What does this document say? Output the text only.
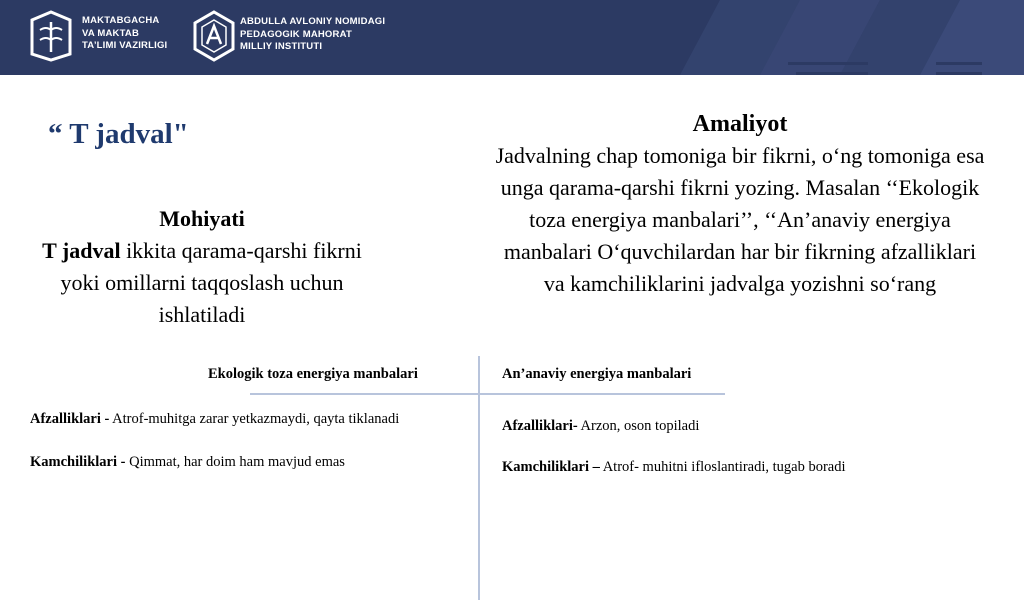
MAKTABGACHA
VA MAKTAB
TA’LIMI VAZIRLIGI
ABDULLA AVLONIY NOMIDAGI
PEDAGOGIK MAHORAT
MILLIY INSTITUTI
“ T jadval"
Mohiyati
T jadval ikkita qarama-qarshi fikrni yoki omillarni taqqoslash uchun ishlatiladi
Amaliyot
Jadvalning chap tomoniga bir fikrni, o‘ng tomoniga esa unga qarama-qarshi fikrni yozing. Masalan ‘‘Ekologik toza energiya manbalari’’, ‘‘An’anaviy energiya manbalari O‘quvchilardan har bir fikrning afzalliklari va kamchiliklarini jadvalga yozishni so‘rang
Ekologik toza energiya manbalari	An’anaviy energiya manbalari
Afzalliklari - Atrof-muhitga zarar yetkazmaydi, qayta tiklanadi
Kamchiliklari - Qimmat, har doim ham mavjud emas
Afzalliklari- Arzon, oson topiladi
Kamchiliklari – Atrof- muhitni ifloslantiradi, tugab boradi
